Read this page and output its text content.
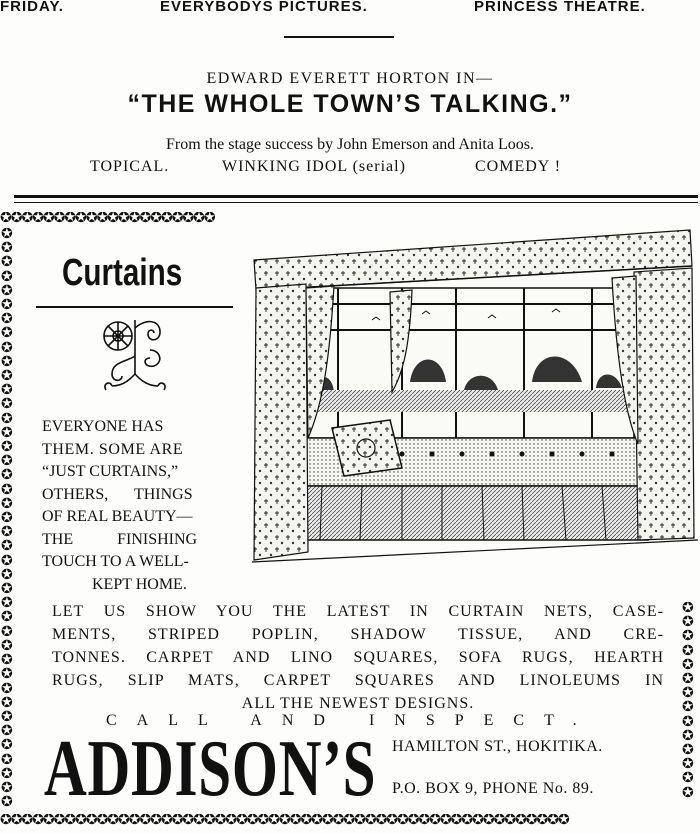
FRIDAY.	EVERYBODYS PICTURES.	PRINCESS THEATRE.
EDWARD EVERETT HORTON IN—
“THE WHOLE TOWN’S TALKING.”
From the stage success by John Emerson and Anita Loos.
TOPICAL.	WINKING IDOL (serial)	COMEDY !
✪✪✪✪✪✪✪✪✪✪✪✪✪✪✪✪✪✪✪✪
✪ ✪ ✪ ✪ ✪ ✪ ✪ ✪ ✪ ✪ ✪ ✪ ✪ ✪ ✪ ✪ ✪ ✪ ✪ ✪ ✪ ✪ ✪ ✪ ✪ ✪ ✪ ✪ ✪ ✪ ✪ ✪ ✪ ✪ ✪ ✪ ✪ ✪ ✪ ✪ ✪
✪ ✪ ✪ ✪ ✪ ✪ ✪ ✪ ✪ ✪ ✪ ✪ ✪ ✪
✪✪✪✪✪✪✪✪✪✪✪✪✪✪✪✪✪✪✪✪✪✪✪✪✪✪✪✪✪✪✪✪✪✪✪✪✪✪✪✪✪✪✪✪✪✪✪✪✪✪✪✪✪
Curtains
EVERYONE HAS
THEM. SOME ARE
“JUST CURTAINS,”
OTHERS, THINGS
OF REAL BEAUTY—
THE FINISHING
TOUCH TO A WELL-
KEPT HOME.
LET US SHOW YOU THE LATEST IN CURTAIN NETS, CASE-
MENTS, STRIPED POPLIN, SHADOW TISSUE, AND CRE-
TONNES. CARPET AND LINO SQUARES, SOFA RUGS, HEARTH
RUGS, SLIP MATS, CARPET SQUARES AND LINOLEUMS IN
ALL THE NEWEST DESIGNS.
CALL AND INSPECT.
ADDISON’S HAMILTON ST., HOKITIKA.
P.O. BOX 9, PHONE No. 89.
